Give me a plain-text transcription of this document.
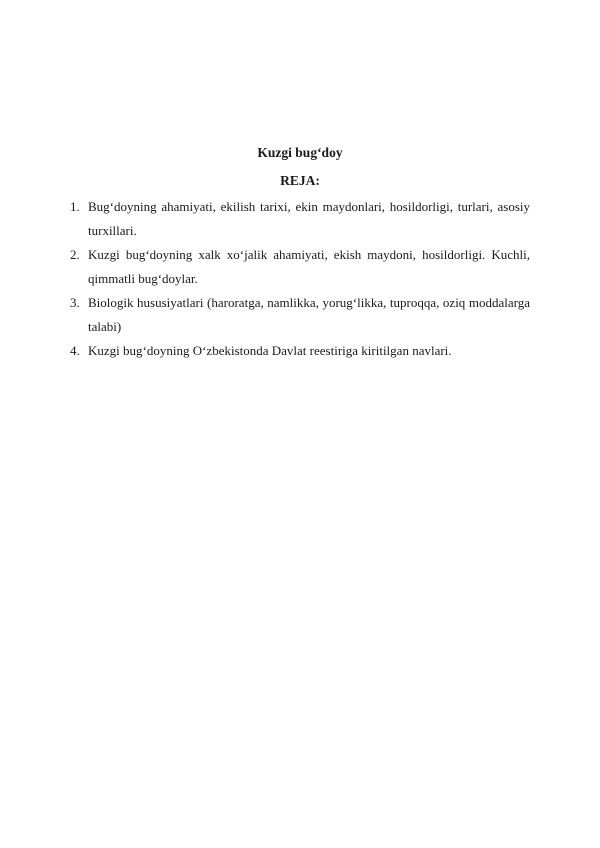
Kuzgi bug‘doy
REJA:
1. Bug‘doyning ahamiyati, ekilish tarixi, ekin maydonlari, hosildorligi, turlari, asosiy turxillari.
2. Kuzgi bug‘doyning xalk xo‘jalik ahamiyati, ekish maydoni, hosildorligi. Kuchli, qimmatli bug‘doylar.
3. Biologik hususiyatlari (haroratga, namlikka, yorug‘likka, tuproqqa, oziq moddalarga talabi)
4. Kuzgi bug‘doyning O‘zbekistonda Davlat reestiriga kiritilgan navlari.
